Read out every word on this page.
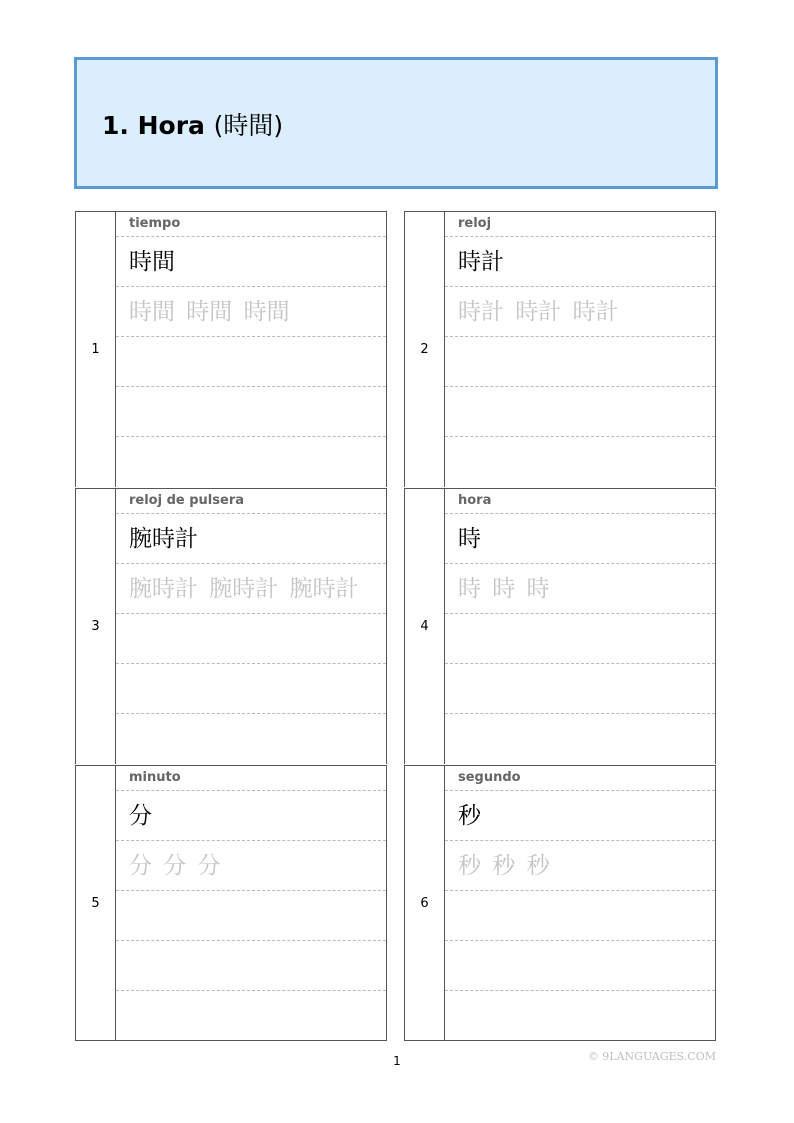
1. Hora (時間)
1
tiempo
時間
時間 時間 時間
2
reloj
時計
時計 時計 時計
3
reloj de pulsera
腕時計
腕時計 腕時計 腕時計
4
hora
時
時 時 時
5
minuto
分
分 分 分
6
segundo
秒
秒 秒 秒
1	© 9LANGUAGES.COM
